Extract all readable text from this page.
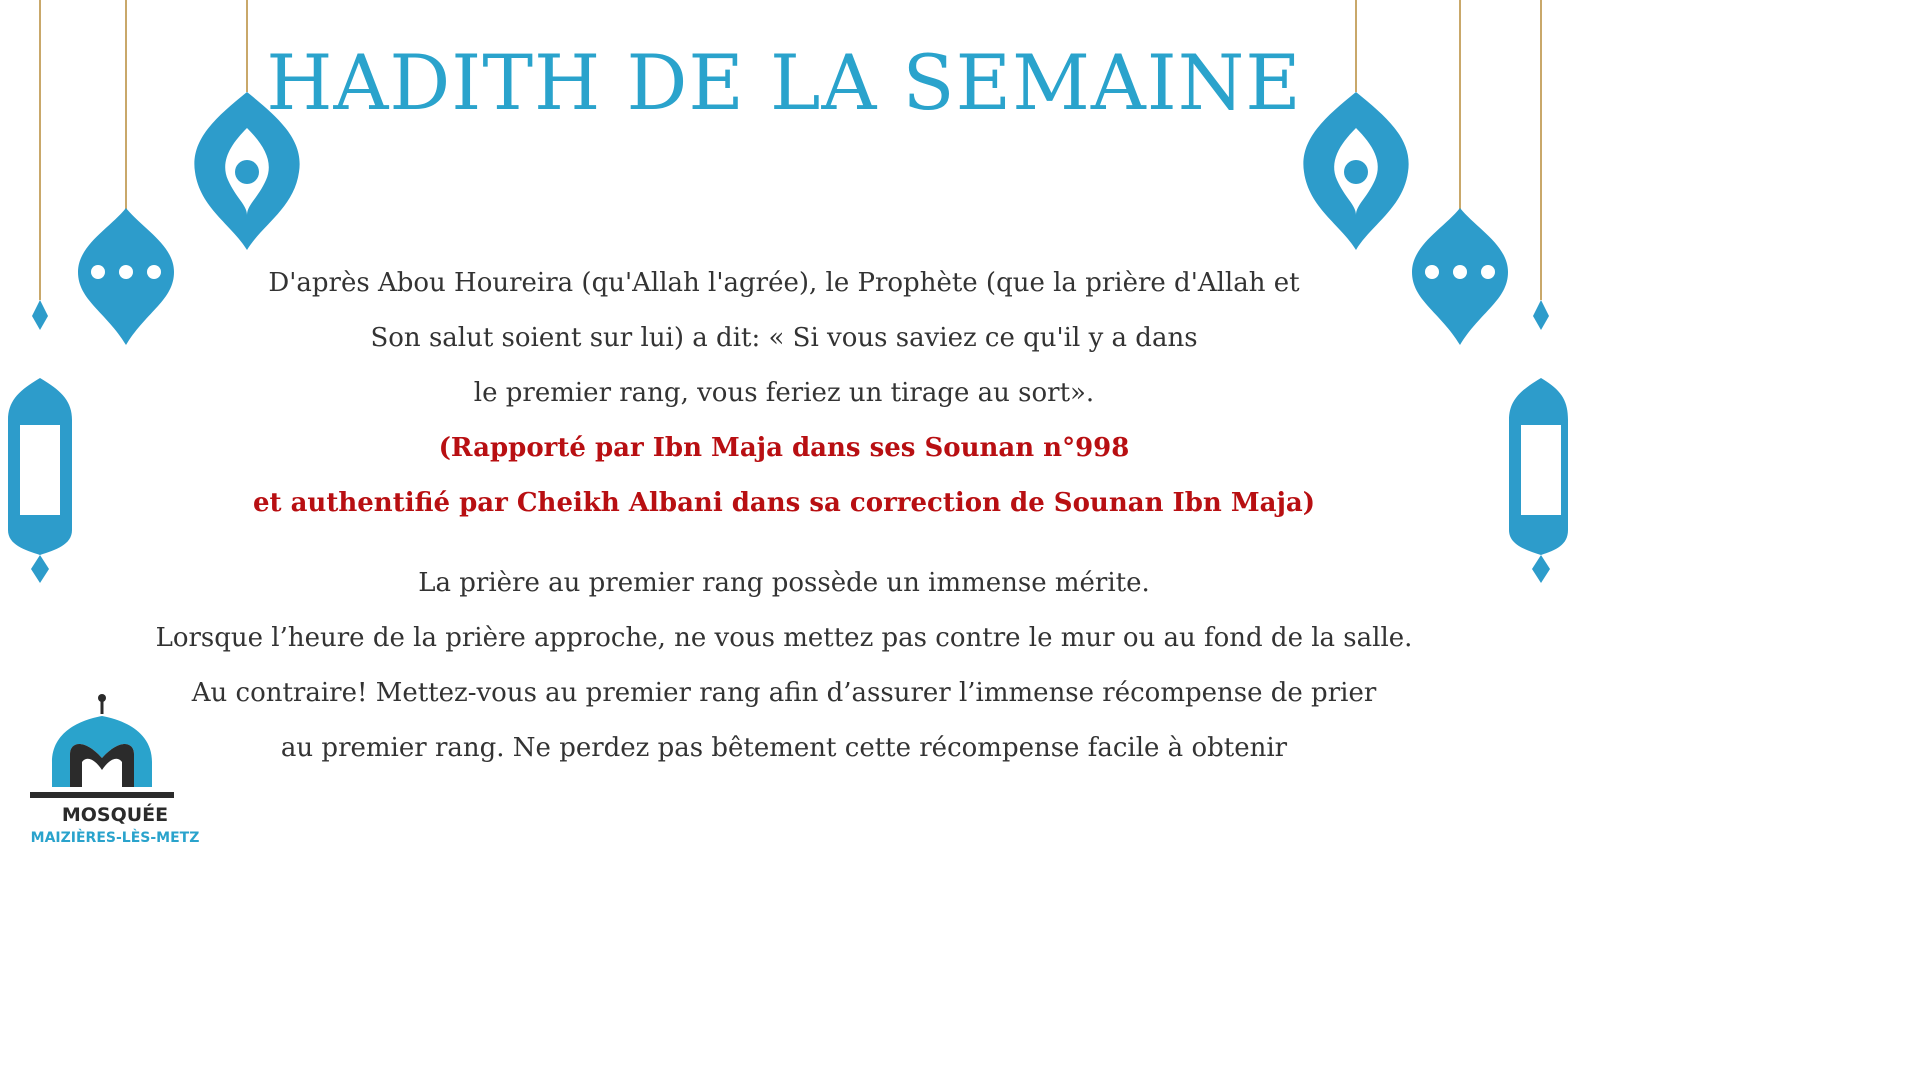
HADITH DE LA SEMAINE
D'après Abou Houreira (qu'Allah l'agrée), le Prophète (que la prière d'Allah et
Son salut soient sur lui) a dit: « Si vous saviez ce qu'il y a dans
le premier rang, vous feriez un tirage au sort».
(Rapporté par Ibn Maja dans ses Sounan n°998
et authentifié par Cheikh Albani dans sa correction de Sounan Ibn Maja)
La prière au premier rang possède un immense mérite.
Lorsque l’heure de la prière approche, ne vous mettez pas contre le mur ou au fond de la salle.
Au contraire! Mettez-vous au premier rang afin d’assurer l’immense récompense de prier
au premier rang. Ne perdez pas bêtement cette récompense facile à obtenir
MOSQUÉE
MAIZIÈRES-LÈS-METZ
